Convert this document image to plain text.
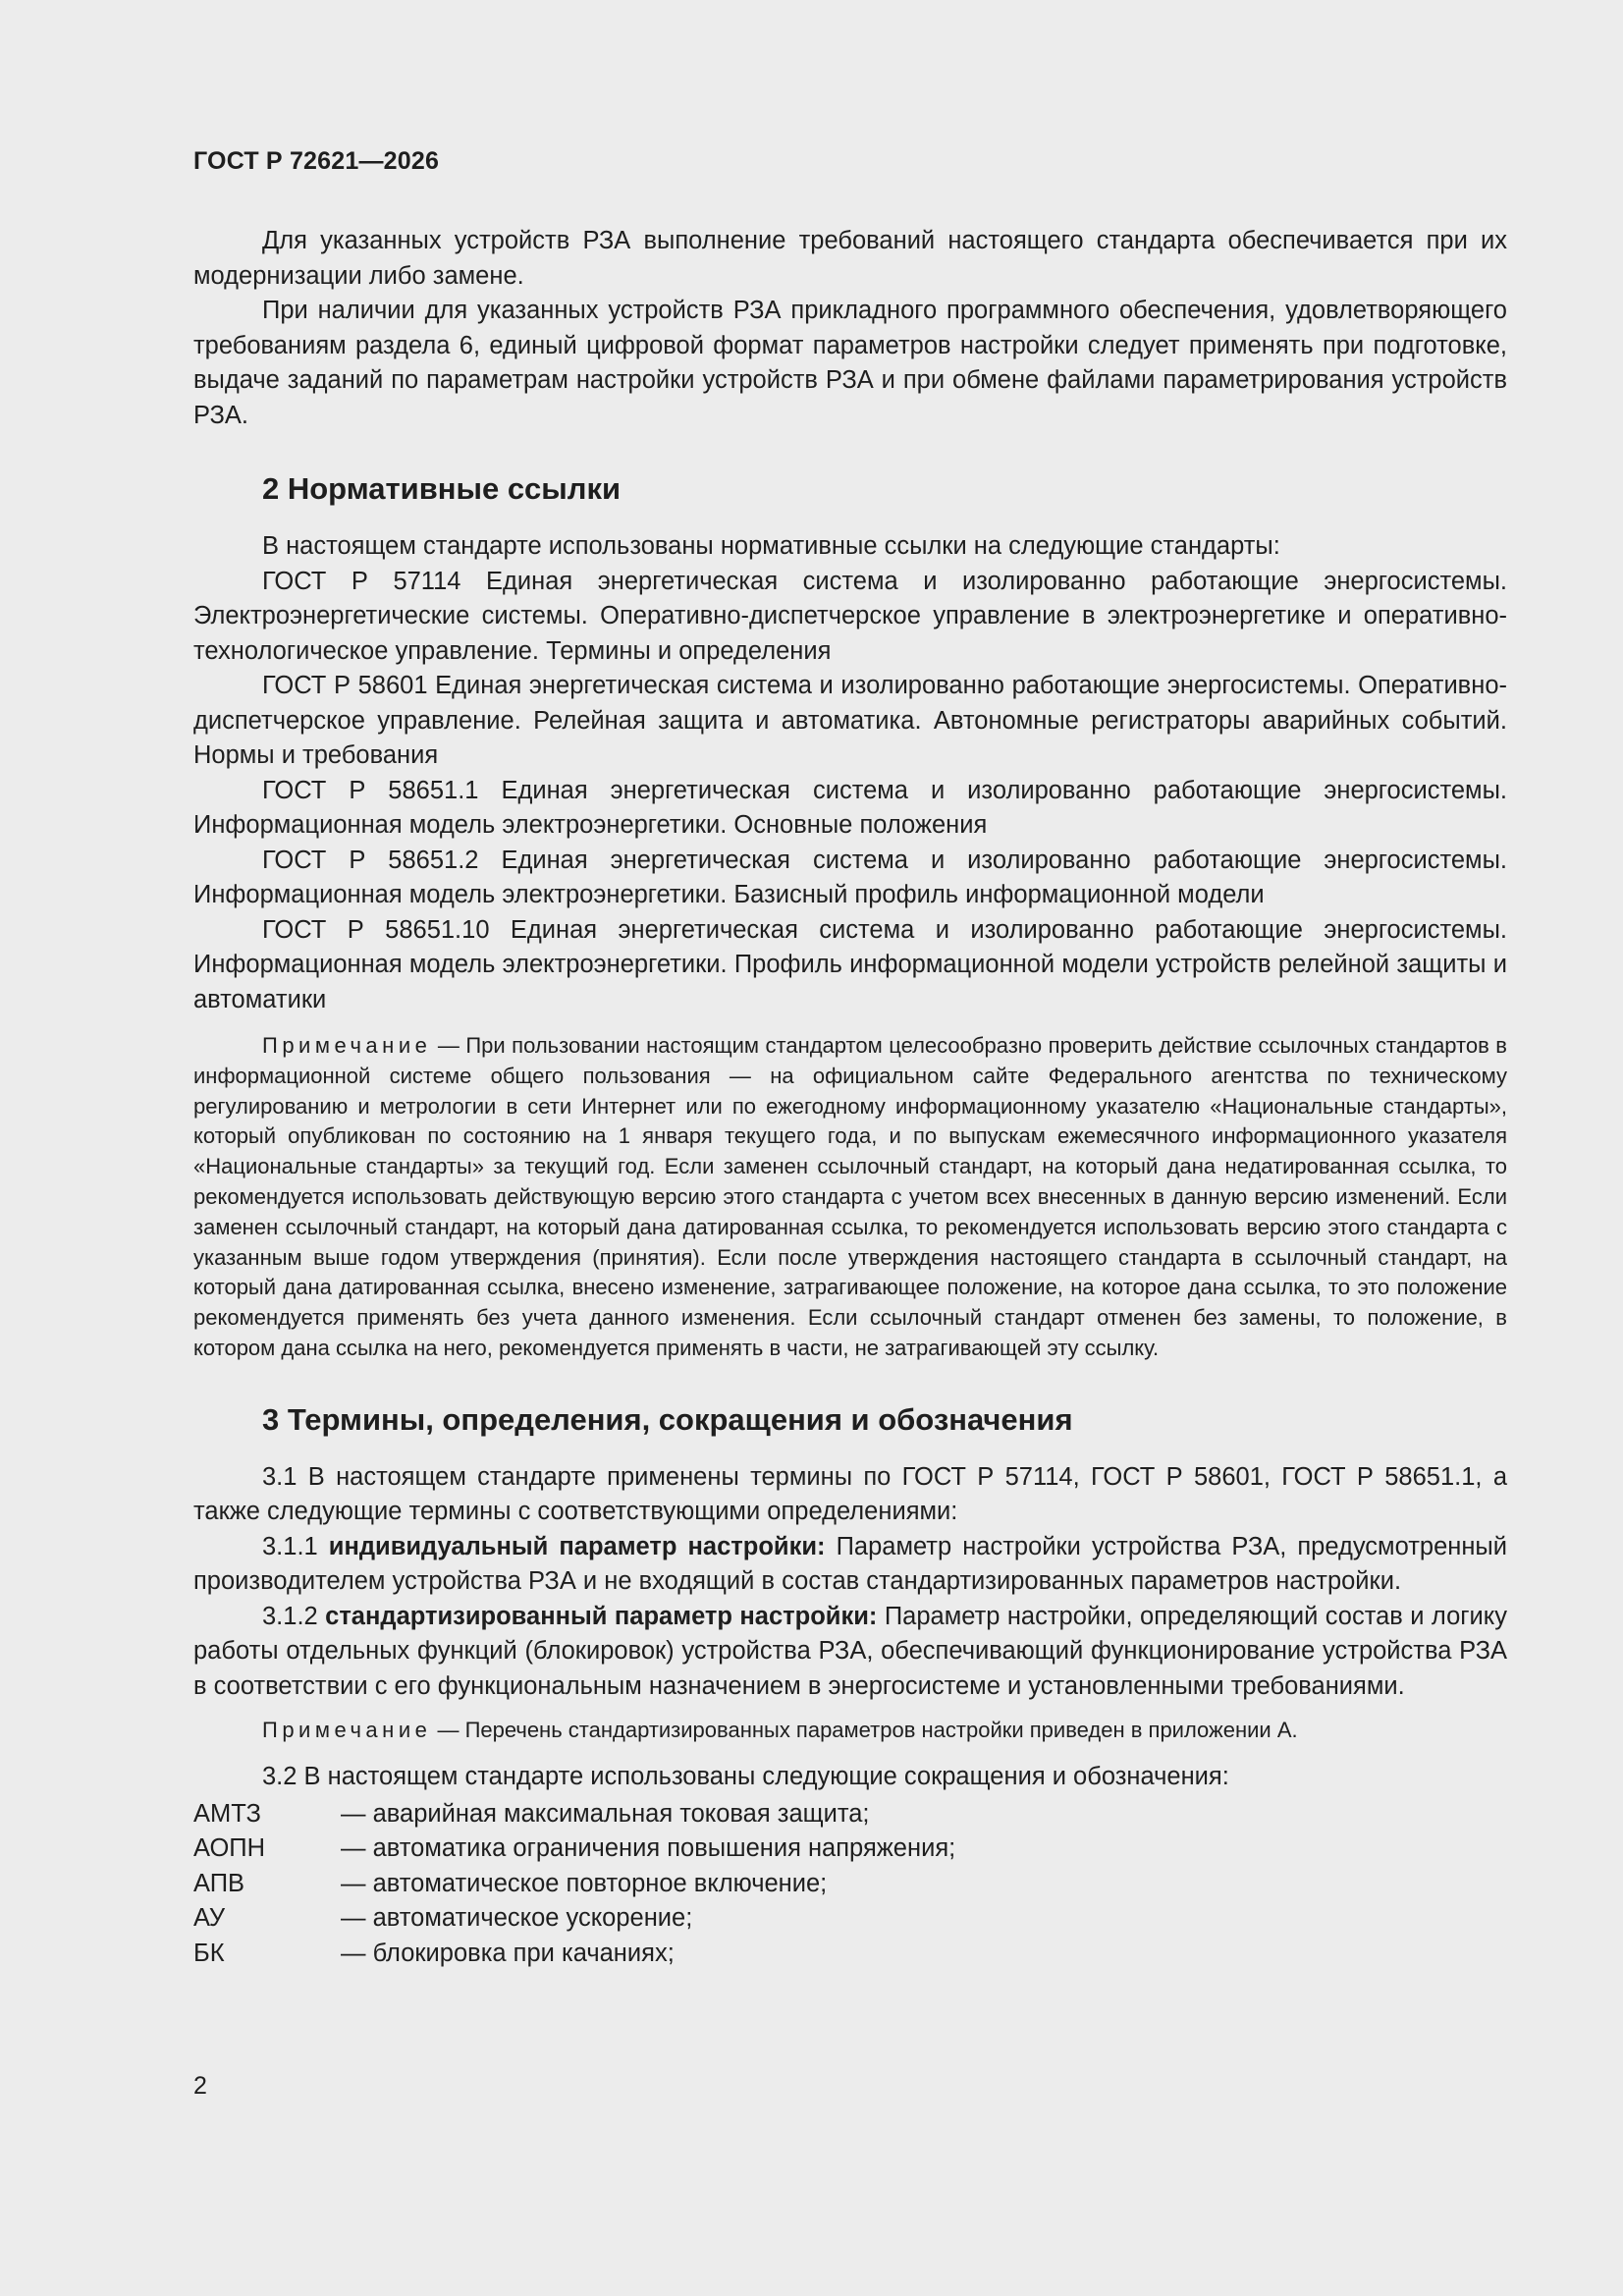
ГОСТ Р 72621—2026

Для указанных устройств РЗА выполнение требований настоящего стандарта обеспечивается при их модернизации либо замене.

При наличии для указанных устройств РЗА прикладного программного обеспечения, удовлетворяющего требованиям раздела 6, единый цифровой формат параметров настройки следует применять при подготовке, выдаче заданий по параметрам настройки устройств РЗА и при обмене файлами параметрирования устройств РЗА.

2 Нормативные ссылки

В настоящем стандарте использованы нормативные ссылки на следующие стандарты:

ГОСТ Р 57114 Единая энергетическая система и изолированно работающие энергосистемы. Электроэнергетические системы. Оперативно-диспетчерское управление в электроэнергетике и оперативно-технологическое управление. Термины и определения

ГОСТ Р 58601 Единая энергетическая система и изолированно работающие энергосистемы. Оперативно-диспетчерское управление. Релейная защита и автоматика. Автономные регистраторы аварийных событий. Нормы и требования

ГОСТ Р 58651.1 Единая энергетическая система и изолированно работающие энергосистемы. Информационная модель электроэнергетики. Основные положения

ГОСТ Р 58651.2 Единая энергетическая система и изолированно работающие энергосистемы. Информационная модель электроэнергетики. Базисный профиль информационной модели

ГОСТ Р 58651.10 Единая энергетическая система и изолированно работающие энергосистемы. Информационная модель электроэнергетики. Профиль информационной модели устройств релейной защиты и автоматики

Примечание — При пользовании настоящим стандартом целесообразно проверить действие ссылочных стандартов в информационной системе общего пользования — на официальном сайте Федерального агентства по техническому регулированию и метрологии в сети Интернет или по ежегодному информационному указателю «Национальные стандарты», который опубликован по состоянию на 1 января текущего года, и по выпускам ежемесячного информационного указателя «Национальные стандарты» за текущий год. Если заменен ссылочный стандарт, на который дана недатированная ссылка, то рекомендуется использовать действующую версию этого стандарта с учетом всех внесенных в данную версию изменений. Если заменен ссылочный стандарт, на который дана датированная ссылка, то рекомендуется использовать версию этого стандарта с указанным выше годом утверждения (принятия). Если после утверждения настоящего стандарта в ссылочный стандарт, на который дана датированная ссылка, внесено изменение, затрагивающее положение, на которое дана ссылка, то это положение рекомендуется применять без учета данного изменения. Если ссылочный стандарт отменен без замены, то положение, в котором дана ссылка на него, рекомендуется применять в части, не затрагивающей эту ссылку.

3 Термины, определения, сокращения и обозначения

3.1 В настоящем стандарте применены термины по ГОСТ Р 57114, ГОСТ Р 58601, ГОСТ Р 58651.1, а также следующие термины с соответствующими определениями:

3.1.1 индивидуальный параметр настройки: Параметр настройки устройства РЗА, предусмотренный производителем устройства РЗА и не входящий в состав стандартизированных параметров настройки.

3.1.2 стандартизированный параметр настройки: Параметр настройки, определяющий состав и логику работы отдельных функций (блокировок) устройства РЗА, обеспечивающий функционирование устройства РЗА в соответствии с его функциональным назначением в энергосистеме и установленными требованиями.

Примечание — Перечень стандартизированных параметров настройки приведен в приложении А.

3.2 В настоящем стандарте использованы следующие сокращения и обозначения:

АМТЗ	— аварийная максимальная токовая защита;
АОПН	— автоматика ограничения повышения напряжения;
АПВ	— автоматическое повторное включение;
АУ	— автоматическое ускорение;
БК	— блокировка при качаниях;
2
